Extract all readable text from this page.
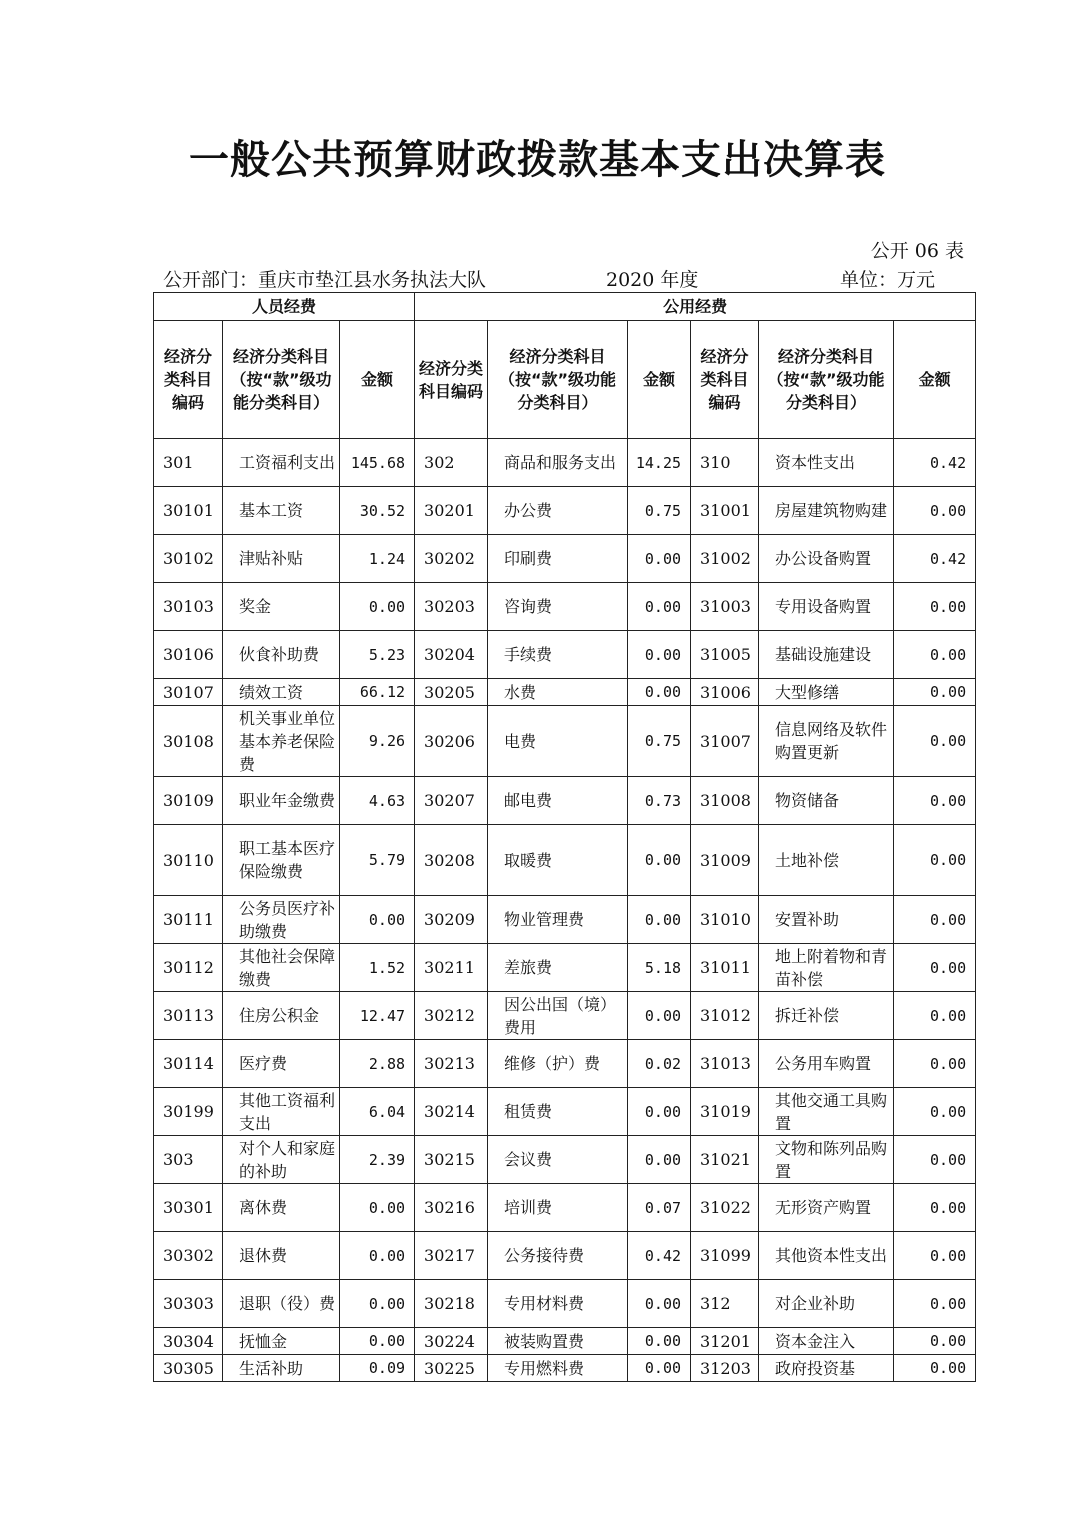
一般公共预算财政拨款基本支出决算表
公开 06 表
公开部门：重庆市垫江县水务执法大队	2020 年度	单位：万元
人员经费			公用经费					
经济分类科目编码	经济分类科目（按“款”级功能分类科目）	金额	经济分类科目编码	经济分类科目（按“款”级功能分类科目）	金额	经济分类科目编码	经济分类科目（按“款”级功能分类科目）	金额
301	工资福利支出	145.68	302	商品和服务支出	14.25	310	资本性支出	0.42
30101	基本工资	30.52	30201	办公费	0.75	31001	房屋建筑物购建	0.00
30102	津贴补贴	1.24	30202	印刷费	0.00	31002	办公设备购置	0.42
30103	奖金	0.00	30203	咨询费	0.00	31003	专用设备购置	0.00
30106	伙食补助费	5.23	30204	手续费	0.00	31005	基础设施建设	0.00
30107	绩效工资	66.12	30205	水费	0.00	31006	大型修缮	0.00
30108	机关事业单位基本养老保险费	9.26	30206	电费	0.75	31007	信息网络及软件购置更新	0.00
30109	职业年金缴费	4.63	30207	邮电费	0.73	31008	物资储备	0.00
30110	职工基本医疗保险缴费	5.79	30208	取暖费	0.00	31009	土地补偿	0.00
30111	公务员医疗补助缴费	0.00	30209	物业管理费	0.00	31010	安置补助	0.00
30112	其他社会保障缴费	1.52	30211	差旅费	5.18	31011	地上附着物和青苗补偿	0.00
30113	住房公积金	12.47	30212	因公出国（境）费用	0.00	31012	拆迁补偿	0.00
30114	医疗费	2.88	30213	维修（护）费	0.02	31013	公务用车购置	0.00
30199	其他工资福利支出	6.04	30214	租赁费	0.00	31019	其他交通工具购置	0.00
303	对个人和家庭的补助	2.39	30215	会议费	0.00	31021	文物和陈列品购置	0.00
30301	离休费	0.00	30216	培训费	0.07	31022	无形资产购置	0.00
30302	退休费	0.00	30217	公务接待费	0.42	31099	其他资本性支出	0.00
30303	退职（役）费	0.00	30218	专用材料费	0.00	312	对企业补助	0.00
30304	抚恤金	0.00	30224	被装购置费	0.00	31201	资本金注入	0.00
30305	生活补助	0.09	30225	专用燃料费	0.00	31203	政府投资基	0.00
